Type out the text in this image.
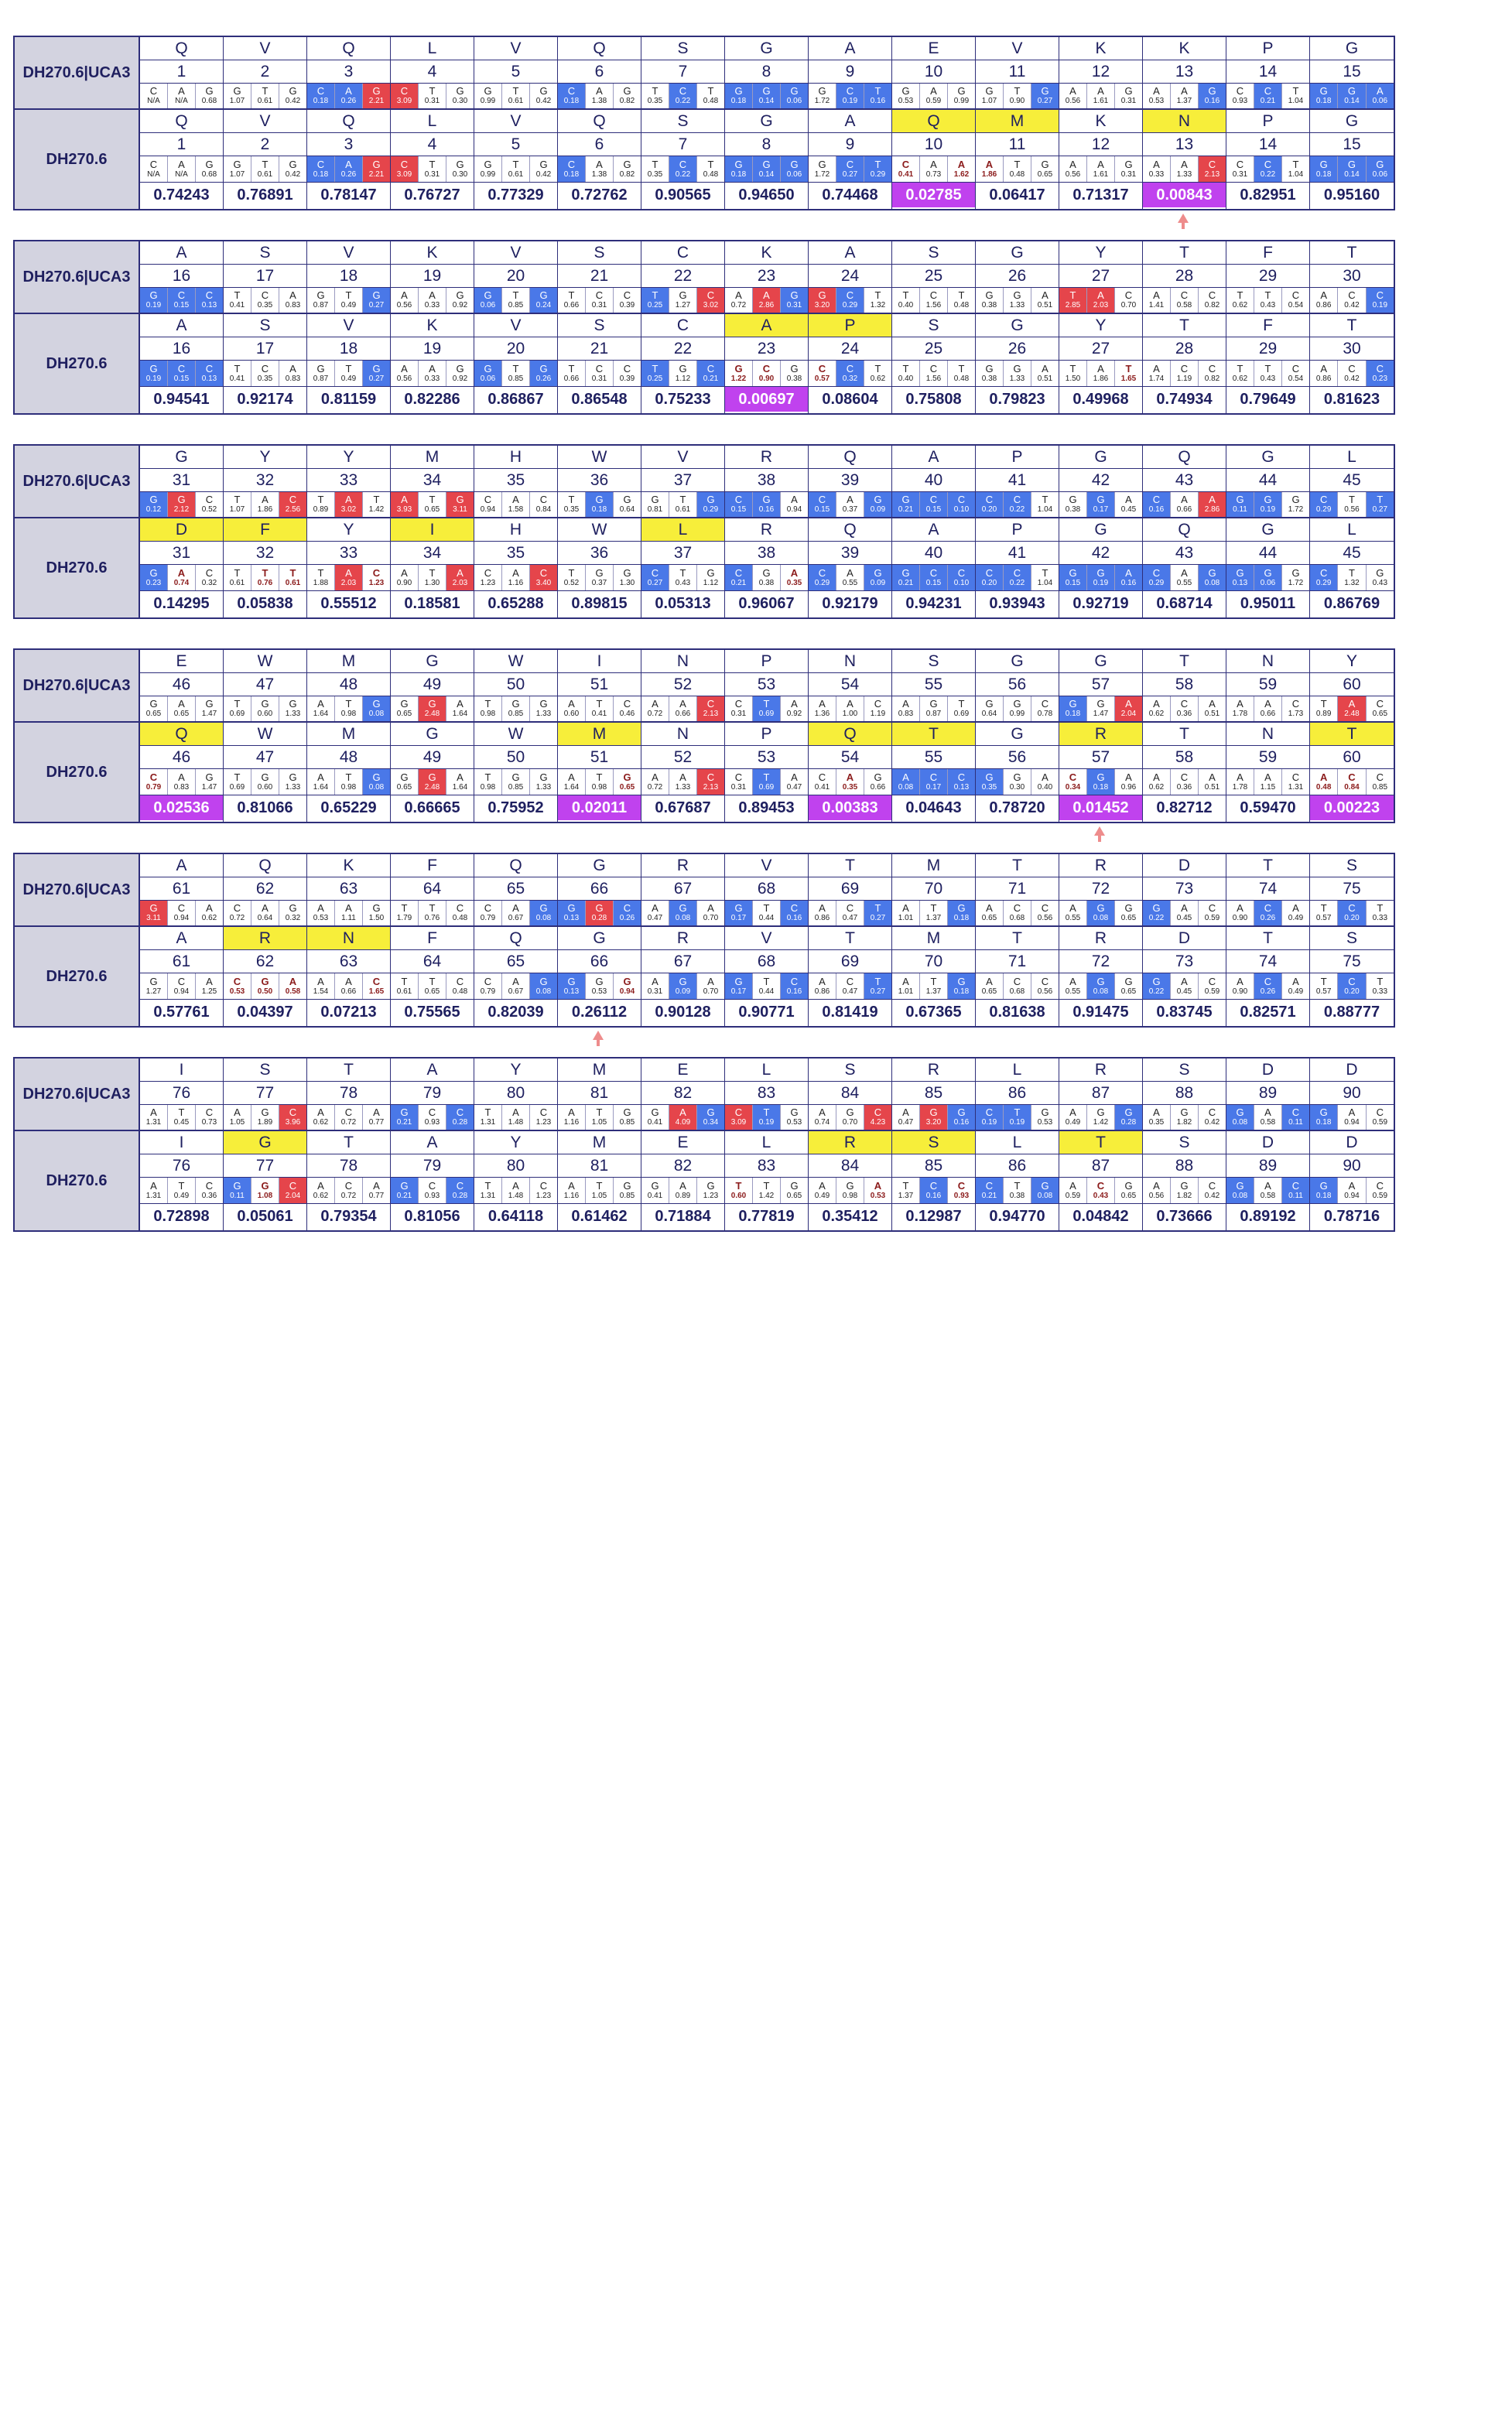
DH270.6|UCA3
DH270.6
Q
1
C
N/A
A
N/A
G
0.68
Q
1
C
N/A
A
N/A
G
0.68
0.74243
V
2
G
1.07
T
0.61
G
0.42
V
2
G
1.07
T
0.61
G
0.42
0.76891
Q
3
C
0.18
A
0.26
G
2.21
Q
3
C
0.18
A
0.26
G
2.21
0.78147
L
4
C
3.09
T
0.31
G
0.30
L
4
C
3.09
T
0.31
G
0.30
0.76727
V
5
G
0.99
T
0.61
G
0.42
V
5
G
0.99
T
0.61
G
0.42
0.77329
Q
6
C
0.18
A
1.38
G
0.82
Q
6
C
0.18
A
1.38
G
0.82
0.72762
S
7
T
0.35
C
0.22
T
0.48
S
7
T
0.35
C
0.22
T
0.48
0.90565
G
8
G
0.18
G
0.14
G
0.06
G
8
G
0.18
G
0.14
G
0.06
0.94650
A
9
G
1.72
C
0.19
T
0.16
A
9
G
1.72
C
0.27
T
0.29
0.74468
E
10
G
0.53
A
0.59
G
0.99
Q
10
C
0.41
A
0.73
A
1.62
0.02785
V
11
G
1.07
T
0.90
G
0.27
M
11
A
1.86
T
0.48
G
0.65
0.06417
K
12
A
0.56
A
1.61
G
0.31
K
12
A
0.56
A
1.61
G
0.31
0.71317
K
13
A
0.53
A
1.37
G
0.16
N
13
A
0.33
A
1.33
C
2.13
0.00843
P
14
C
0.93
C
0.21
T
1.04
P
14
C
0.31
C
0.22
T
1.04
0.82951
G
15
G
0.18
G
0.14
A
0.06
G
15
G
0.18
G
0.14
G
0.06
0.95160
DH270.6|UCA3
DH270.6
A
16
G
0.19
C
0.15
C
0.13
A
16
G
0.19
C
0.15
C
0.13
0.94541
S
17
T
0.41
C
0.35
A
0.83
S
17
T
0.41
C
0.35
A
0.83
0.92174
V
18
G
0.87
T
0.49
G
0.27
V
18
G
0.87
T
0.49
G
0.27
0.81159
K
19
A
0.56
A
0.33
G
0.92
K
19
A
0.56
A
0.33
G
0.92
0.82286
V
20
G
0.06
T
0.85
G
0.24
V
20
G
0.06
T
0.85
G
0.26
0.86867
S
21
T
0.66
C
0.31
C
0.39
S
21
T
0.66
C
0.31
C
0.39
0.86548
C
22
T
0.25
G
1.27
C
3.02
C
22
T
0.25
G
1.12
C
0.21
0.75233
K
23
A
0.72
A
2.86
G
0.31
A
23
G
1.22
C
0.90
G
0.38
0.00697
A
24
G
3.20
C
0.29
T
1.32
P
24
C
0.57
C
0.32
T
0.62
0.08604
S
25
T
0.40
C
1.56
T
0.48
S
25
T
0.40
C
1.56
T
0.48
0.75808
G
26
G
0.38
G
1.33
A
0.51
G
26
G
0.38
G
1.33
A
0.51
0.79823
Y
27
T
2.85
A
2.03
C
0.70
Y
27
T
1.50
A
1.86
T
1.65
0.49968
T
28
A
1.41
C
0.58
C
0.82
T
28
A
1.74
C
1.19
C
0.82
0.74934
F
29
T
0.62
T
0.43
C
0.54
F
29
T
0.62
T
0.43
C
0.54
0.79649
T
30
A
0.86
C
0.42
C
0.19
T
30
A
0.86
C
0.42
C
0.23
0.81623
DH270.6|UCA3
DH270.6
G
31
G
0.12
G
2.12
C
0.52
D
31
G
0.23
A
0.74
C
0.32
0.14295
Y
32
T
1.07
A
1.86
C
2.56
F
32
T
0.61
T
0.76
T
0.61
0.05838
Y
33
T
0.89
A
3.02
T
1.42
Y
33
T
1.88
A
2.03
C
1.23
0.55512
M
34
A
3.93
T
0.65
G
3.11
I
34
A
0.90
T
1.30
A
2.03
0.18581
H
35
C
0.94
A
1.58
C
0.84
H
35
C
1.23
A
1.16
C
3.40
0.65288
W
36
T
0.35
G
0.18
G
0.64
W
36
T
0.52
G
0.37
G
1.30
0.89815
V
37
G
0.81
T
0.61
G
0.29
L
37
C
0.27
T
0.43
G
1.12
0.05313
R
38
C
0.15
G
0.16
A
0.94
R
38
C
0.21
G
0.38
A
0.35
0.96067
Q
39
C
0.15
A
0.37
G
0.09
Q
39
C
0.29
A
0.55
G
0.09
0.92179
A
40
G
0.21
C
0.15
C
0.10
A
40
G
0.21
C
0.15
C
0.10
0.94231
P
41
C
0.20
C
0.22
T
1.04
P
41
C
0.20
C
0.22
T
1.04
0.93943
G
42
G
0.38
G
0.17
A
0.45
G
42
G
0.15
G
0.19
A
0.16
0.92719
Q
43
C
0.16
A
0.66
A
2.86
Q
43
C
0.29
A
0.55
G
0.08
0.68714
G
44
G
0.11
G
0.19
G
1.72
G
44
G
0.13
G
0.06
G
1.72
0.95011
L
45
C
0.29
T
0.56
T
0.27
L
45
C
0.29
T
1.32
G
0.43
0.86769
DH270.6|UCA3
DH270.6
E
46
G
0.65
A
0.65
G
1.47
Q
46
C
0.79
A
0.83
G
1.47
0.02536
W
47
T
0.69
G
0.60
G
1.33
W
47
T
0.69
G
0.60
G
1.33
0.81066
M
48
A
1.64
T
0.98
G
0.08
M
48
A
1.64
T
0.98
G
0.08
0.65229
G
49
G
0.65
G
2.48
A
1.64
G
49
G
0.65
G
2.48
A
1.64
0.66665
W
50
T
0.98
G
0.85
G
1.33
W
50
T
0.98
G
0.85
G
1.33
0.75952
I
51
A
0.60
T
0.41
C
0.46
M
51
A
1.64
T
0.98
G
0.65
0.02011
N
52
A
0.72
A
0.66
C
2.13
N
52
A
0.72
A
1.33
C
2.13
0.67687
P
53
C
0.31
T
0.69
A
0.92
P
53
C
0.31
T
0.69
A
0.47
0.89453
N
54
A
1.36
A
1.00
C
1.19
Q
54
C
0.41
A
0.35
G
0.66
0.00383
S
55
A
0.83
G
0.87
T
0.69
T
55
A
0.08
C
0.17
C
0.13
0.04643
G
56
G
0.64
G
0.99
C
0.78
G
56
G
0.35
G
0.30
A
0.40
0.78720
G
57
G
0.18
G
1.47
A
2.04
R
57
C
0.34
G
0.18
A
0.96
0.01452
T
58
A
0.62
C
0.36
A
0.51
T
58
A
0.62
C
0.36
A
0.51
0.82712
N
59
A
1.78
A
0.66
C
1.73
N
59
A
1.78
A
1.15
C
1.31
0.59470
Y
60
T
0.89
A
2.48
C
0.65
T
60
A
0.48
C
0.84
C
0.85
0.00223
DH270.6|UCA3
DH270.6
A
61
G
3.11
C
0.94
A
0.62
A
61
G
1.27
C
0.94
A
1.25
0.57761
Q
62
C
0.72
A
0.64
G
0.32
R
62
C
0.53
G
0.50
A
0.58
0.04397
K
63
A
0.53
A
1.11
G
1.50
N
63
A
1.54
A
0.66
C
1.65
0.07213
F
64
T
1.79
T
0.76
C
0.48
F
64
T
0.61
T
0.65
C
0.48
0.75565
Q
65
C
0.79
A
0.67
G
0.08
Q
65
C
0.79
A
0.67
G
0.08
0.82039
G
66
G
0.13
G
0.28
C
0.26
G
66
G
0.13
G
0.53
G
0.94
0.26112
R
67
A
0.47
G
0.08
A
0.70
R
67
A
0.31
G
0.09
A
0.70
0.90128
V
68
G
0.17
T
0.44
C
0.16
V
68
G
0.17
T
0.44
C
0.16
0.90771
T
69
A
0.86
C
0.47
T
0.27
T
69
A
0.86
C
0.47
T
0.27
0.81419
M
70
A
1.01
T
1.37
G
0.18
M
70
A
1.01
T
1.37
G
0.18
0.67365
T
71
A
0.65
C
0.68
C
0.56
T
71
A
0.65
C
0.68
C
0.56
0.81638
R
72
A
0.55
G
0.08
G
0.65
R
72
A
0.55
G
0.08
G
0.65
0.91475
D
73
G
0.22
A
0.45
C
0.59
D
73
G
0.22
A
0.45
C
0.59
0.83745
T
74
A
0.90
C
0.26
A
0.49
T
74
A
0.90
C
0.26
A
0.49
0.82571
S
75
T
0.57
C
0.20
T
0.33
S
75
T
0.57
C
0.20
T
0.33
0.88777
DH270.6|UCA3
DH270.6
I
76
A
1.31
T
0.45
C
0.73
I
76
A
1.31
T
0.49
C
0.36
0.72898
S
77
A
1.05
G
1.89
C
3.96
G
77
G
0.11
G
1.08
C
2.04
0.05061
T
78
A
0.62
C
0.72
A
0.77
T
78
A
0.62
C
0.72
A
0.77
0.79354
A
79
G
0.21
C
0.93
C
0.28
A
79
G
0.21
C
0.93
C
0.28
0.81056
Y
80
T
1.31
A
1.48
C
1.23
Y
80
T
1.31
A
1.48
C
1.23
0.64118
M
81
A
1.16
T
1.05
G
0.85
M
81
A
1.16
T
1.05
G
0.85
0.61462
E
82
G
0.41
A
4.09
G
0.34
E
82
G
0.41
A
0.89
G
1.23
0.71884
L
83
C
3.09
T
0.19
G
0.53
L
83
T
0.60
T
1.42
G
0.65
0.77819
S
84
A
0.74
G
0.70
C
4.23
R
84
A
0.49
G
0.98
A
0.53
0.35412
R
85
A
0.47
G
3.20
G
0.16
S
85
T
1.37
C
0.16
C
0.93
0.12987
L
86
C
0.19
T
0.19
G
0.53
L
86
C
0.21
T
0.38
G
0.08
0.94770
R
87
A
0.49
G
1.42
G
0.28
T
87
A
0.59
C
0.43
G
0.65
0.04842
S
88
A
0.35
G
1.82
C
0.42
S
88
A
0.56
G
1.82
C
0.42
0.73666
D
89
G
0.08
A
0.58
C
0.11
D
89
G
0.08
A
0.58
C
0.11
0.89192
D
90
G
0.18
A
0.94
C
0.59
D
90
G
0.18
A
0.94
C
0.59
0.78716
